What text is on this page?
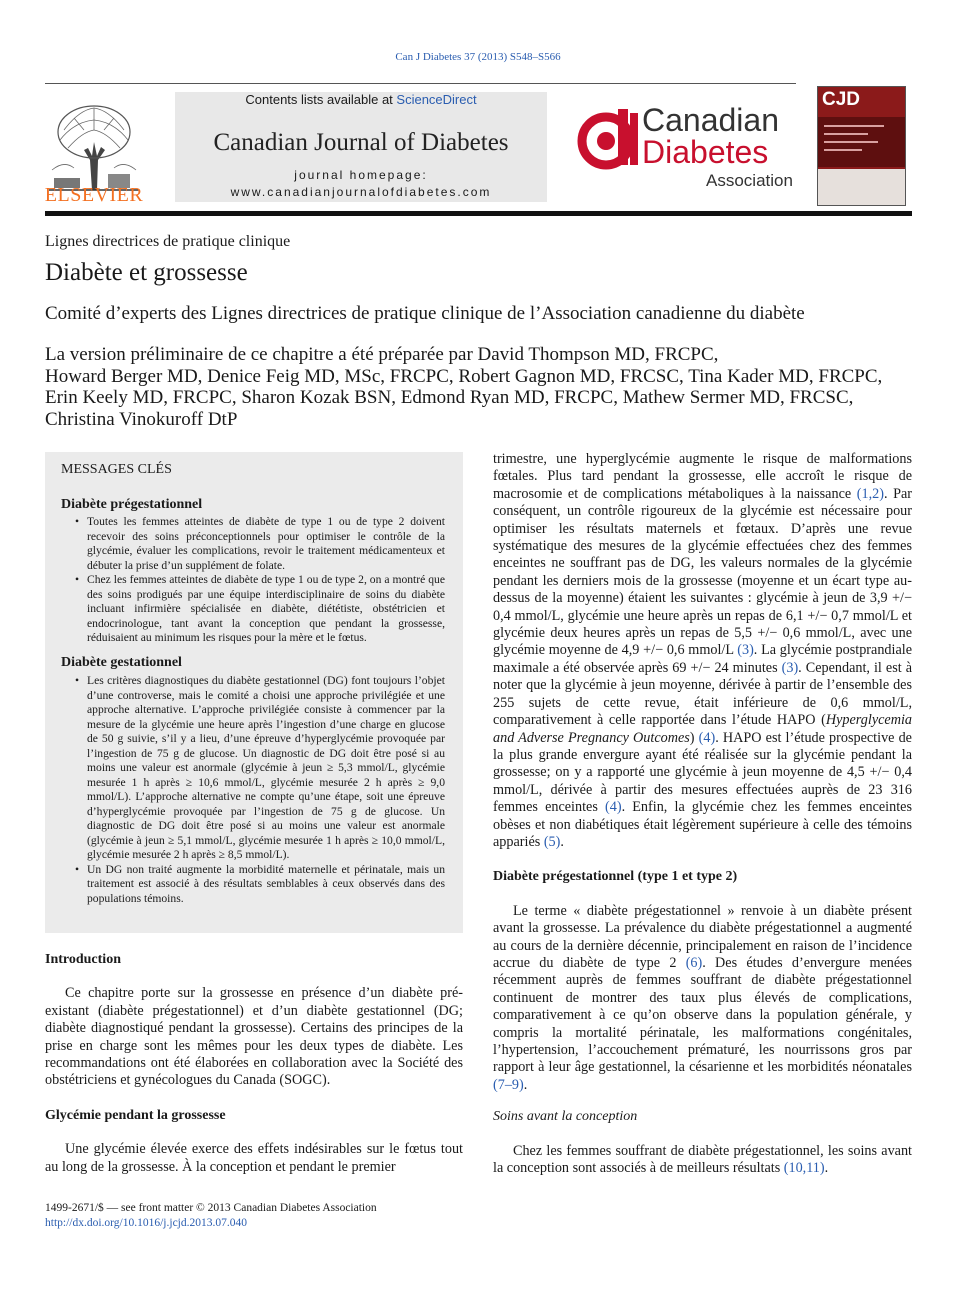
Can J Diabetes 37 (2013) S548–S566
ELSEVIER
Contents lists available at ScienceDirect
Canadian Journal of Diabetes
journal homepage:
www.canadianjournalofdiabetes.com
Canadian
Diabetes
Association
CJD
Lignes directrices de pratique clinique
Diabète et grossesse
Comité d’experts des Lignes directrices de pratique clinique de l’Association canadienne du diabète
La version préliminaire de ce chapitre a été préparée par David Thompson MD, FRCPC,
Howard Berger MD, Denice Feig MD, MSc, FRCPC, Robert Gagnon MD, FRCSC, Tina Kader MD, FRCPC,
Erin Keely MD, FRCPC, Sharon Kozak BSN, Edmond Ryan MD, FRCPC, Mathew Sermer MD, FRCSC,
Christina Vinokuroff DtP
MESSAGES CLÉS
Diabète prégestationnel
• Toutes les femmes atteintes de diabète de type 1 ou de type 2 doivent recevoir des soins préconceptionnels pour optimiser le contrôle de la glycémie, évaluer les complications, revoir le traitement médicamenteux et débuter la prise d’un supplément de folate.
• Chez les femmes atteintes de diabète de type 1 ou de type 2, on a montré que des soins prodigués par une équipe interdisciplinaire de soins du diabète incluant infirmière spécialisée en diabète, diététiste, obstétricien et endocrinologue, tant avant la conception que pendant la grossesse, réduisaient au minimum les risques pour la mère et le fœtus.
Diabète gestationnel
• Les critères diagnostiques du diabète gestationnel (DG) font toujours l’objet d’une controverse, mais le comité a choisi une approche privilégiée et une approche alternative. L’approche privilégiée consiste à commencer par la mesure de la glycémie une heure après l’ingestion d’une charge en glucose de 50 g suivie, s’il y a lieu, d’une épreuve d’hyperglycémie provoquée par l’ingestion de 75 g de glucose. Un diagnostic de DG doit être posé si au moins une valeur est anormale (glycémie à jeun ≥ 5,3 mmol/L, glycémie mesurée 1 h après ≥ 10,6 mmol/L, glycémie mesurée 2 h après ≥ 9,0 mmol/L). L’approche alternative ne compte qu’une étape, soit une épreuve d’hyperglycémie provoquée par l’ingestion de 75 g de glucose. Un diagnostic de DG doit être posé si au moins une valeur est anormale (glycémie à jeun ≥ 5,1 mmol/L, glycémie mesurée 1 h après ≥ 10,0 mmol/L, glycémie mesurée 2 h après ≥ 8,5 mmol/L).
• Un DG non traité augmente la morbidité maternelle et périnatale, mais un traitement est associé à des résultats semblables à ceux observés dans des populations témoins.

Introduction

Ce chapitre porte sur la grossesse en présence d’un diabète pré-existant (diabète prégestationnel) et d’un diabète gestationnel (DG; diabète diagnostiqué pendant la grossesse). Certains des principes de la prise en charge sont les mêmes pour les deux types de diabète. Les recommandations ont été élaborées en collaboration avec la Société des obstétriciens et gynécologues du Canada (SOGC).

Glycémie pendant la grossesse

Une glycémie élevée exerce des effets indésirables sur le fœtus tout au long de la grossesse. À la conception et pendant le premier

trimestre, une hyperglycémie augmente le risque de malformations fœtales. Plus tard pendant la grossesse, elle accroît le risque de macrosomie et de complications métaboliques à la naissance (1,2). Par conséquent, un contrôle rigoureux de la glycémie est nécessaire pour optimiser les résultats maternels et fœtaux. D’après une revue systématique des mesures de la glycémie effectuées chez des femmes enceintes ne souffrant pas de DG, les valeurs normales de la glycémie pendant les derniers mois de la grossesse (moyenne et un écart type au-dessus de la moyenne) étaient les suivantes : glycémie à jeun de 3,9 +/− 0,4 mmol/L, glycémie une heure après un repas de 6,1 +/− 0,7 mmol/L et glycémie deux heures après un repas de 5,5 +/− 0,6 mmol/L, avec une glycémie moyenne de 4,9 +/− 0,6 mmol/L (3). La glycémie postprandiale maximale a été observée après 69 +/− 24 minutes (3). Cependant, il est à noter que la glycémie à jeun moyenne, dérivée à partir de l’ensemble des 255 sujets de cette revue, était inférieure de 0,6 mmol/L, comparativement à celle rapportée dans l’étude HAPO (Hyperglycemia and Adverse Pregnancy Outcomes) (4). HAPO est l’étude prospective de la plus grande envergure ayant été réalisée sur la glycémie pendant la grossesse; on y a rapporté une glycémie à jeun moyenne de 4,5 +/− 0,4 mmol/L, dérivée à partir des mesures effectuées auprès de 23 316 femmes enceintes (4). Enfin, la glycémie chez les femmes enceintes obèses et non diabétiques était légèrement supérieure à celle des témoins appariés (5).

Diabète prégestationnel (type 1 et type 2)

Le terme « diabète prégestationnel » renvoie à un diabète présent avant la grossesse. La prévalence du diabète prégestationnel a augmenté au cours de la dernière décennie, principalement en raison de l’incidence accrue du diabète de type 2 (6). Des études d’envergure menées récemment auprès de femmes souffrant de diabète prégestationnel continuent de montrer des taux plus élevés de complications, comparativement à ce qu’on observe dans la population générale, y compris la mortalité périnatale, les malformations congénitales, l’hypertension, l’accouchement prématuré, les nourrissons gros par rapport à leur âge gestationnel, la césarienne et les morbidités néonatales (7–9).

Soins avant la conception

Chez les femmes souffrant de diabète prégestationnel, les soins avant la conception sont associés à de meilleurs résultats (10,11).

1499-2671/$ — see front matter © 2013 Canadian Diabetes Association
http://dx.doi.org/10.1016/j.jcjd.2013.07.040
